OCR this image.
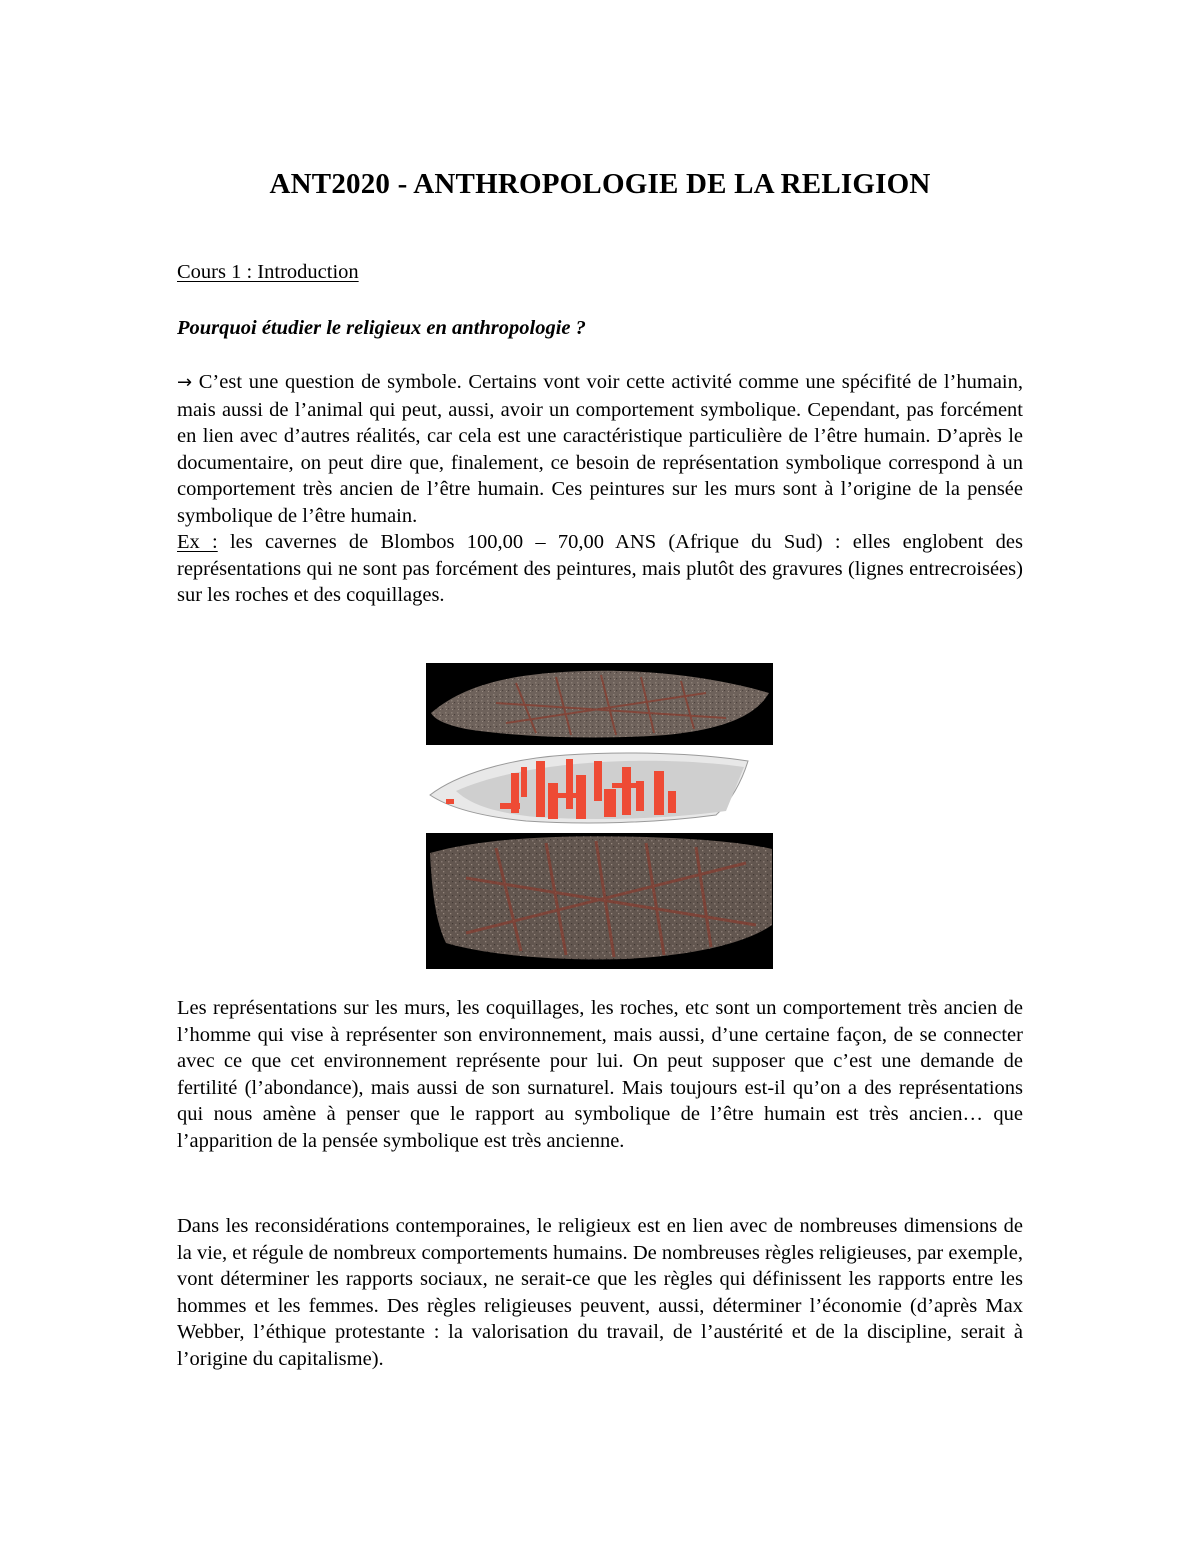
ANT2020 - ANTHROPOLOGIE DE LA RELIGION
Cours 1 : Introduction
Pourquoi étudier le religieux en anthropologie ?

→ C’est une question de symbole. Certains vont voir cette activité comme une spécifité de l’humain, mais aussi de l’animal qui peut, aussi, avoir un comportement symbolique. Cependant, pas forcément en lien avec d’autres réalités, car cela est une caractéristique particulière de l’être humain. D’après le documentaire, on peut dire que, finalement, ce besoin de représentation symbolique correspond à un comportement très ancien de l’être humain. Ces peintures sur les murs sont à l’origine de la pensée symbolique de l’être humain.
Ex : les cavernes de Blombos 100,00 – 70,00 ANS (Afrique du Sud) : elles englobent des représentations qui ne sont pas forcément des peintures, mais plutôt des gravures (lignes entrecroisées) sur les roches et des coquillages.

Les représentations sur les murs, les coquillages, les roches, etc sont un comportement très ancien de l’homme qui vise à représenter son environnement, mais aussi, d’une certaine façon, de se connecter avec ce que cet environnement représente pour lui. On peut supposer que c’est une demande de fertilité (l’abondance), mais aussi de son surnaturel. Mais toujours est-il qu’on a des représentations qui nous amène à penser que le rapport au symbolique de l’être humain est très ancien… que l’apparition de la pensée symbolique est très ancienne.

Dans les reconsidérations contemporaines, le religieux est en lien avec de nombreuses dimensions de la vie, et régule de nombreux comportements humains. De nombreuses règles religieuses, par exemple, vont déterminer les rapports sociaux, ne serait-ce que les règles qui définissent les rapports entre les hommes et les femmes. Des règles religieuses peuvent, aussi, déterminer l’économie (d’après Max Webber, l’éthique protestante : la valorisation du travail, de l’austérité et de la discipline, serait à l’origine du capitalisme).
